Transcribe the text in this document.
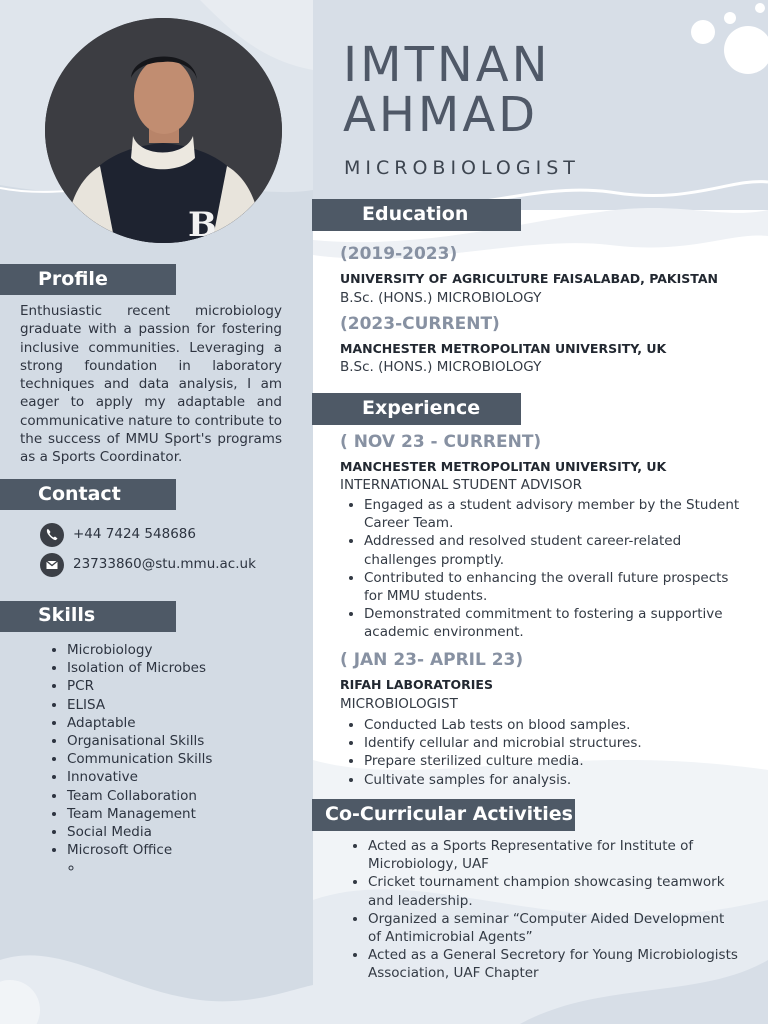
B
IMTNAN
AHMAD
MICROBIOLOGIST
Profile
Enthusiastic recent microbiology graduate with a passion for fostering inclusive communities. Leveraging a strong foundation in laboratory techniques and data analysis, I am eager to apply my adaptable and communicative nature to contribute to the success of MMU Sport's programs as a Sports Coordinator.
Contact
+44 7424 548686
23733860@stu.mmu.ac.uk
Skills
• Microbiology
• Isolation of Microbes
• PCR
• ELISA
• Adaptable
• Organisational Skills
• Communication Skills
• Innovative
• Team Collaboration
• Team Management
• Social Media
• Microsoft Office
◦
Education
(2019-2023)
UNIVERSITY OF AGRICULTURE FAISALABAD, PAKISTAN
B.Sc. (HONS.) MICROBIOLOGY
(2023-CURRENT)
MANCHESTER METROPOLITAN UNIVERSITY, UK
B.Sc. (HONS.) MICROBIOLOGY
Experience
( NOV 23 - CURRENT)
MANCHESTER METROPOLITAN UNIVERSITY, UK
INTERNATIONAL STUDENT ADVISOR
• Engaged as a student advisory member by the Student Career Team.
• Addressed and resolved student career-related challenges promptly.
• Contributed to enhancing the overall future prospects for MMU students.
• Demonstrated commitment to fostering a supportive academic environment.
( JAN 23- APRIL 23)
RIFAH LABORATORIES
MICROBIOLOGIST
• Conducted Lab tests on blood samples.
• Identify cellular and microbial structures.
• Prepare sterilized culture media.
• Cultivate samples for analysis.
Co-Curricular Activities
• Acted as a Sports Representative for Institute of Microbiology, UAF
• Cricket tournament champion showcasing teamwork and leadership.
• Organized a seminar “Computer Aided Development of Antimicrobial Agents”
• Acted as a General Secretory for Young Microbiologists Association, UAF Chapter
